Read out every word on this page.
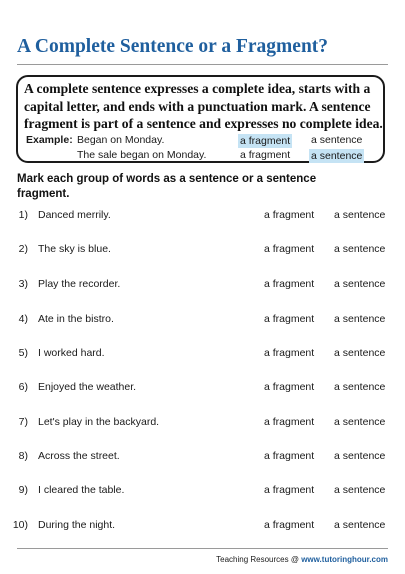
A Complete Sentence or a Fragment?

A complete sentence expresses a complete idea, starts with a capital letter, and ends with a punctuation mark. A sentence fragment is part of a sentence and expresses no complete idea.

Example: Began on Monday.	a fragment a sentence
The sale began on Monday.	a fragment a sentence

Mark each group of words as a sentence or a sentence fragment.

1) Danced merrily.	a fragment a sentence
2) The sky is blue.	a fragment a sentence
3) Play the recorder.	a fragment a sentence
4) Ate in the bistro.	a fragment a sentence
5) I worked hard.	a fragment a sentence
6) Enjoyed the weather.	a fragment a sentence
7) Let's play in the backyard.	a fragment a sentence
8) Across the street.	a fragment a sentence
9) I cleared the table.	a fragment a sentence
10) During the night.	a fragment a sentence
Teaching Resources @ www.tutoringhour.com
